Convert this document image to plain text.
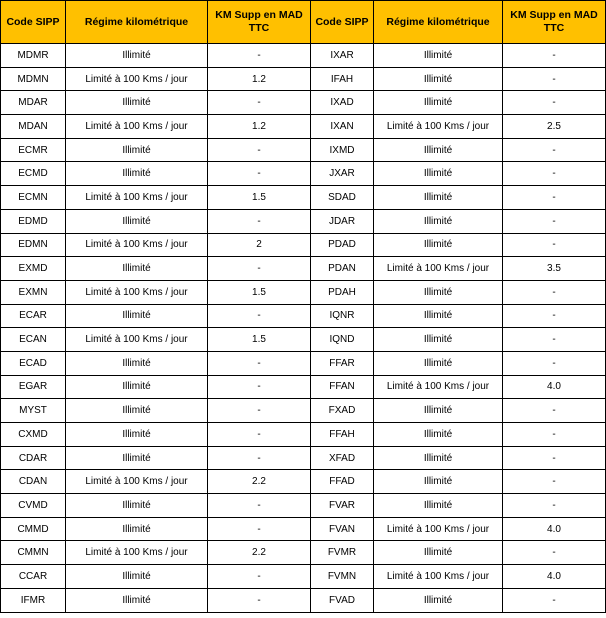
Code SIPP	Régime kilométrique	KM Supp en MAD TTC	Code SIPP	Régime kilométrique	KM Supp en MAD TTC
MDMR	Illimité	-	IXAR	Illimité	-
MDMN	Limité à 100 Kms / jour	1.2	IFAH	Illimité	-
MDAR	Illimité	-	IXAD	Illimité	-
MDAN	Limité à 100 Kms / jour	1.2	IXAN	Limité à 100 Kms / jour	2.5
ECMR	Illimité	-	IXMD	Illimité	-
ECMD	Illimité	-	JXAR	Illimité	-
ECMN	Limité à 100 Kms / jour	1.5	SDAD	Illimité	-
EDMD	Illimité	-	JDAR	Illimité	-
EDMN	Limité à 100 Kms / jour	2	PDAD	Illimité	-
EXMD	Illimité	-	PDAN	Limité à 100 Kms / jour	3.5
EXMN	Limité à 100 Kms / jour	1.5	PDAH	Illimité	-
ECAR	Illimité	-	IQNR	Illimité	-
ECAN	Limité à 100 Kms / jour	1.5	IQND	Illimité	-
ECAD	Illimité	-	FFAR	Illimité	-
EGAR	Illimité	-	FFAN	Limité à 100 Kms / jour	4.0
MYST	Illimité	-	FXAD	Illimité	-
CXMD	Illimité	-	FFAH	Illimité	-
CDAR	Illimité	-	XFAD	Illimité	-
CDAN	Limité à 100 Kms / jour	2.2	FFAD	Illimité	-
CVMD	Illimité	-	FVAR	Illimité	-
CMMD	Illimité	-	FVAN	Limité à 100 Kms / jour	4.0
CMMN	Limité à 100 Kms / jour	2.2	FVMR	Illimité	-
CCAR	Illimité	-	FVMN	Limité à 100 Kms / jour	4.0
IFMR	Illimité	-	FVAD	Illimité	-
